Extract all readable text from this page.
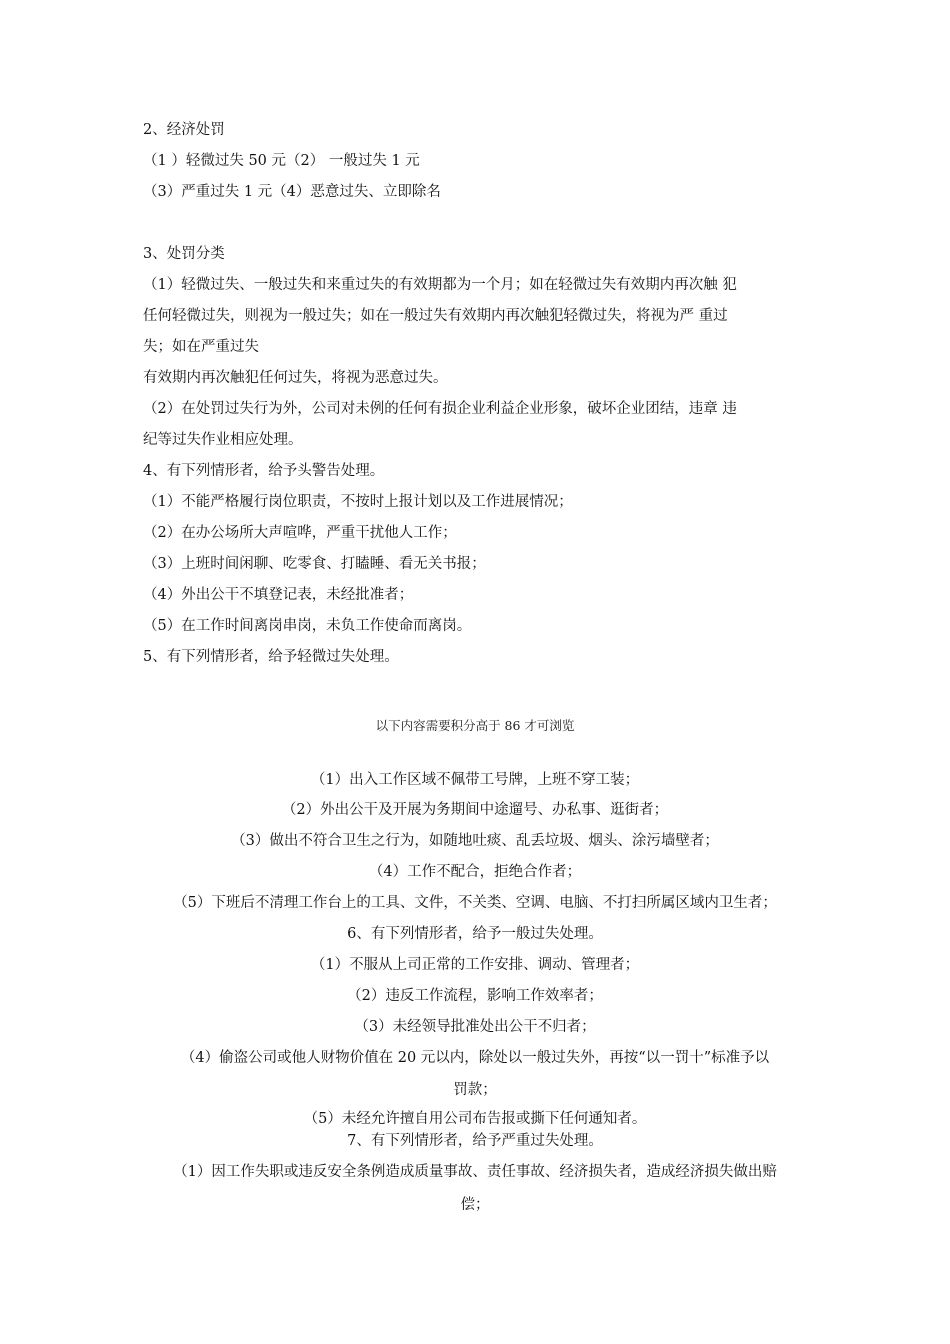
2、经济处罚
（1 ）轻微过失 50 元（2） 一般过失 1 元
（3）严重过失 1 元（4）恶意过失、立即除名
3、处罚分类
（1）轻微过失、一般过失和来重过失的有效期都为一个月；如在轻微过失有效期内再次触 犯
任何轻微过失，则视为一般过失；如在一般过失有效期内再次触犯轻微过失，将视为严 重过
失；如在严重过失
有效期内再次触犯任何过失，将视为恶意过失。
（2）在处罚过失行为外，公司对未例的任何有损企业利益企业形象，破坏企业团结，违章 违
纪等过失作业相应处理。
4、有下列情形者，给予头警告处理。
（1）不能严格履行岗位职责，不按时上报计划以及工作进展情况；
（2）在办公场所大声喧哗，严重干扰他人工作；
（3）上班时间闲聊、吃零食、打瞌睡、看无关书报；
（4）外出公干不填登记表，未经批准者；
（5）在工作时间离岗串岗，未负工作使命而离岗。
5、有下列情形者，给予轻微过失处理。
以下内容需要积分高于 86 才可浏览
（1）出入工作区域不佩带工号牌，上班不穿工装；
（2）外出公干及开展为务期间中途遛号、办私事、逛街者；
（3）做出不符合卫生之行为，如随地吐痰、乱丢垃圾、烟头、涂污墙壁者；
（4）工作不配合，拒绝合作者；
（5）下班后不清理工作台上的工具、文件，不关类、空调、电脑、不打扫所属区域内卫生者；
6、有下列情形者，给予一般过失处理。
（1）不服从上司正常的工作安排、调动、管理者；
（2）违反工作流程，影响工作效率者；
（3）未经领导批准处出公干不归者；
（4）偷盗公司或他人财物价值在 20 元以内，除处以一般过失外，再按“以一罚十”标准予以
罚款；
（5）未经允许擅自用公司布告报或撕下任何通知者。
7、有下列情形者，给予严重过失处理。
（1）因工作失职或违反安全条例造成质量事故、责任事故、经济损失者，造成经济损失做出赔
偿；
